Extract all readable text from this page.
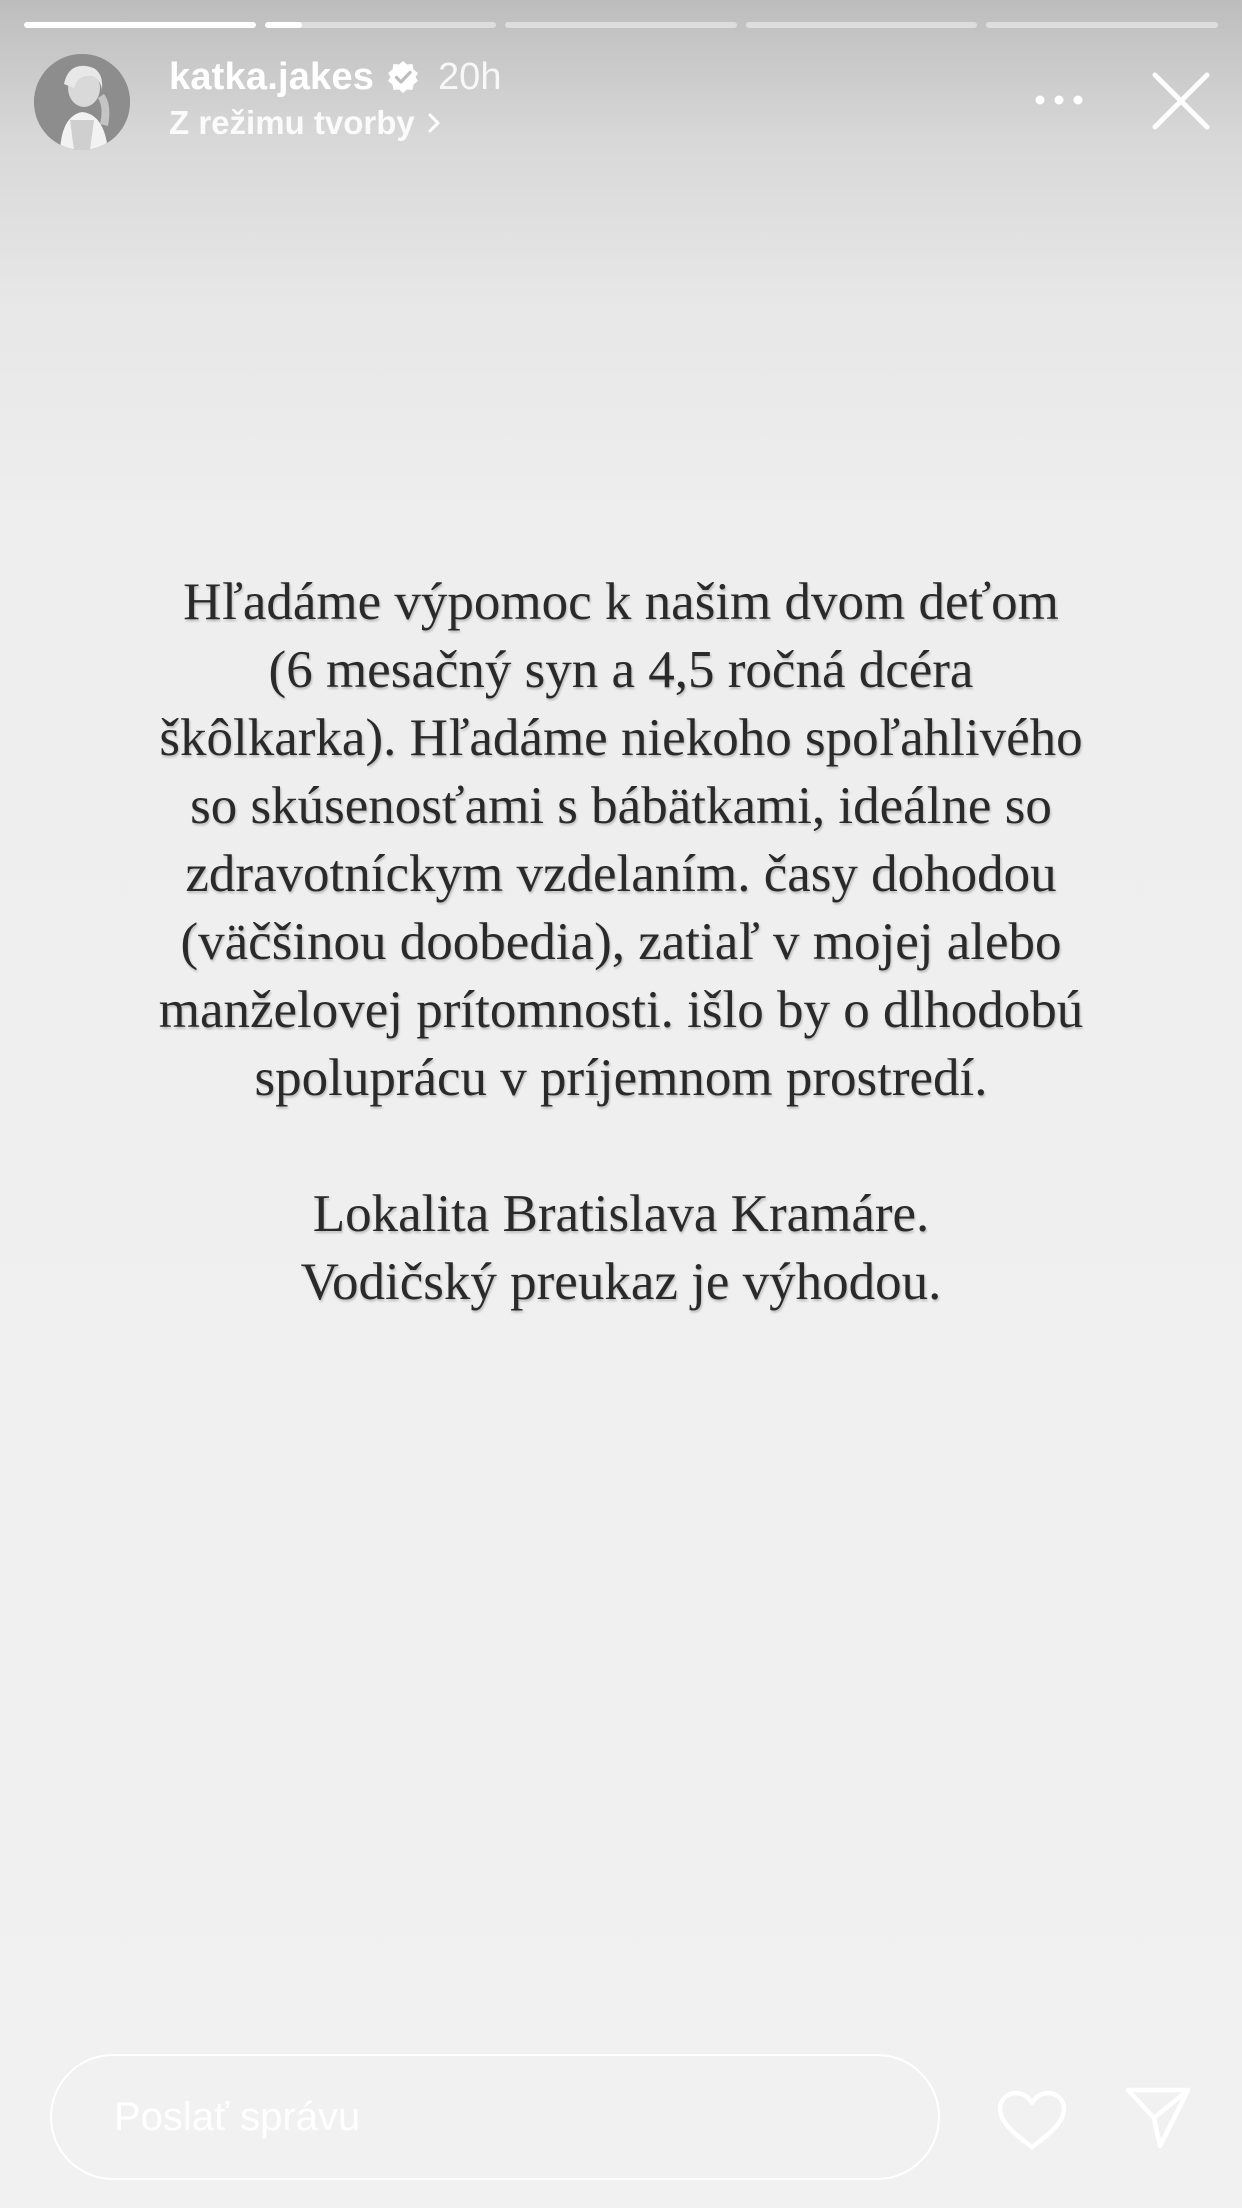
katka.jakes 20h
Z režimu tvorby

Hľadáme výpomoc k našim dvom deťom

(6 mesačný syn a 4,5 ročná dcéra

škôlkarka). Hľadáme niekoho spoľahlivého

so skúsenosťami s bábätkami, ideálne so

zdravotníckym vzdelaním. časy dohodou

(väčšinou doobedia), zatiaľ v mojej alebo

manželovej prítomnosti. išlo by o dlhodobú

spoluprácu v príjemnom prostredí.

Lokalita Bratislava Kramáre.

Vodičský preukaz je výhodou.

Poslať správu
